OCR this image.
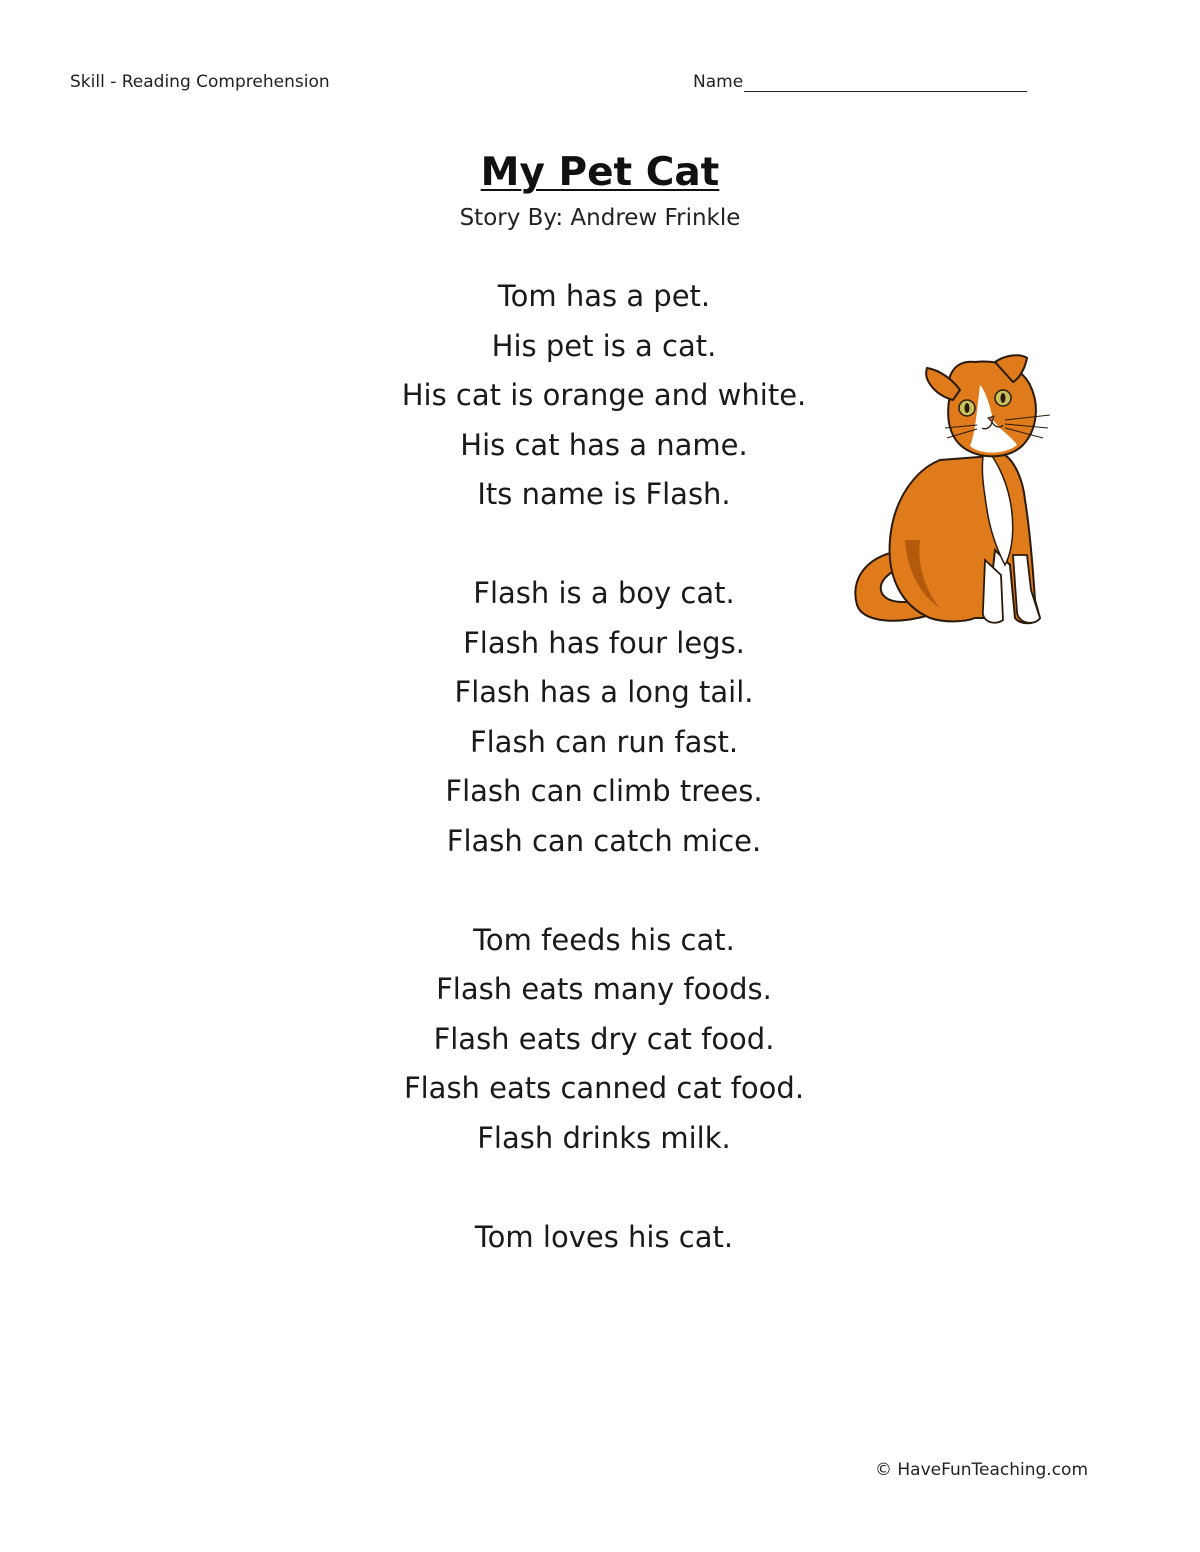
Skill - Reading Comprehension	Name
My Pet Cat
Story By: Andrew Frinkle
Tom has a pet.
His pet is a cat.
His cat is orange and white.
His cat has a name.
Its name is Flash.
Flash is a boy cat.
Flash has four legs.
Flash has a long tail.
Flash can run fast.
Flash can climb trees.
Flash can catch mice.
Tom feeds his cat.
Flash eats many foods.
Flash eats dry cat food.
Flash eats canned cat food.
Flash drinks milk.
Tom loves his cat.
© HaveFunTeaching.com
